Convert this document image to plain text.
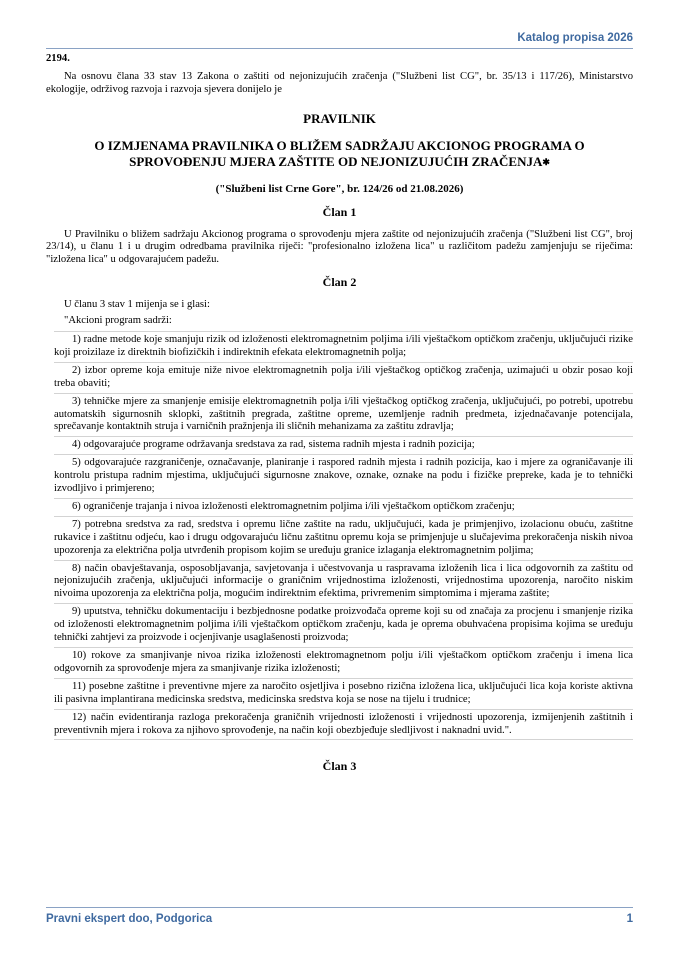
Katalog propisa 2026

2194.

Na osnovu člana 33 stav 13 Zakona o zaštiti od nejonizujućih zračenja ("Službeni list CG", br. 35/13 i 117/26), Ministarstvo ekologije, održivog razvoja i razvoja sjevera donijelo je

PRAVILNIK

O IZMJENAMA PRAVILNIKA O BLIŽEM SADRŽAJU AKCIONOG PROGRAMA O SPROVOĐENJU MJERA ZAŠTITE OD NEJONIZUJUĆIH ZRAČENJA✱

("Službeni list Crne Gore", br. 124/26 od 21.08.2026)

Član 1

U Pravilniku o bližem sadržaju Akcionog programa o sprovođenju mjera zaštite od nejonizujućih zračenja ("Službeni list CG", broj 23/14), u članu 1 i u drugim odredbama pravilnika riječi: "profesionalno izložena lica" u različitom padežu zamjenjuju se riječima: "izložena lica" u odgovarajućem padežu.

Član 2

U članu 3 stav 1 mijenja se i glasi:

"Akcioni program sadrži:

1) radne metode koje smanjuju rizik od izloženosti elektromagnetnim poljima i/ili vještačkom optičkom zračenju, uključujući rizike koji proizilaze iz direktnih biofizičkih i indirektnih efekata elektromagnetnih polja;

2) izbor opreme koja emituje niže nivoe elektromagnetnih polja i/ili vještačkog optičkog zračenja, uzimajući u obzir posao koji treba obaviti;

3) tehničke mjere za smanjenje emisije elektromagnetnih polja i/ili vještačkog optičkog zračenja, uključujući, po potrebi, upotrebu automatskih sigurnosnih sklopki, zaštitnih pregrada, zaštitne opreme, uzemljenje radnih predmeta, izjednačavanje potencijala, sprečavanje kontaktnih struja i varničnih pražnjenja ili sličnih mehanizama za zaštitu zdravlja;

4) odgovarajuće programe održavanja sredstava za rad, sistema radnih mjesta i radnih pozicija;

5) odgovarajuće razgraničenje, označavanje, planiranje i raspored radnih mjesta i radnih pozicija, kao i mjere za ograničavanje ili kontrolu pristupa radnim mjestima, uključujući sigurnosne znakove, oznake, oznake na podu i fizičke prepreke, kada je to tehnički izvodljivo i primjereno;

6) ograničenje trajanja i nivoa izloženosti elektromagnetnim poljima i/ili vještačkom optičkom zračenju;

7) potrebna sredstva za rad, sredstva i opremu lične zaštite na radu, uključujući, kada je primjenjivo, izolacionu obuću, zaštitne rukavice i zaštitnu odjeću, kao i drugu odgovarajuću ličnu zaštitnu opremu koja se primjenjuje u slučajevima prekoračenja niskih nivoa upozorenja za električna polja utvrđenih propisom kojim se uređuju granice izlaganja elektromagnetnim poljima;

8) način obavještavanja, osposobljavanja, savjetovanja i učestvovanja u raspravama izloženih lica i lica odgovornih za zaštitu od nejonizujućih zračenja, uključujući informacije o graničnim vrijednostima izloženosti, vrijednostima upozorenja, naročito niskim nivoima upozorenja za električna polja, mogućim indirektnim efektima, privremenim simptomima i mjerama zaštite;

9) uputstva, tehničku dokumentaciju i bezbjednosne podatke proizvođača opreme koji su od značaja za procjenu i smanjenje rizika od izloženosti elektromagnetnim poljima i/ili vještačkom optičkom zračenju, kada je oprema obuhvaćena propisima kojima se uređuju tehnički zahtjevi za proizvode i ocjenjivanje usaglašenosti proizvoda;

10) rokove za smanjivanje nivoa rizika izloženosti elektromagnetnom polju i/ili vještačkom optičkom zračenju i imena lica odgovornih za sprovođenje mjera za smanjivanje rizika izloženosti;

11) posebne zaštitne i preventivne mjere za naročito osjetljiva i posebno rizična izložena lica, uključujući lica koja koriste aktivna ili pasivna implantirana medicinska sredstva, medicinska sredstva koja se nose na tijelu i trudnice;

12) način evidentiranja razloga prekoračenja graničnih vrijednosti izloženosti i vrijednosti upozorenja, izmijenjenih zaštitnih i preventivnih mjera i rokova za njihovo sprovođenje, na način koji obezbjeđuje sledljivost i naknadni uvid.".

Član 3

Pravni ekspert doo, Podgorica	1
